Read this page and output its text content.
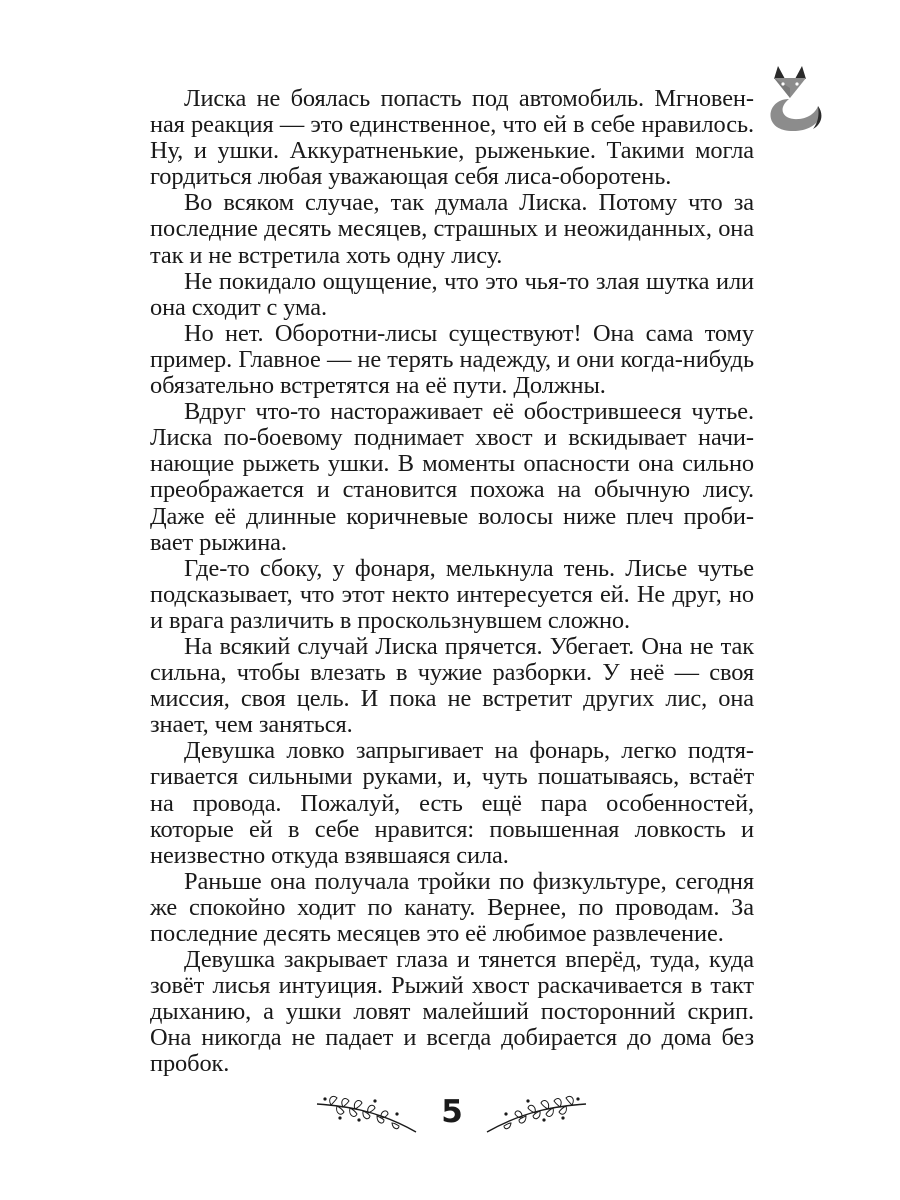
Лиска не боялась попасть под автомобиль. Мгновенная реакция — это единственное, что ей в себе нравилось. Ну, и ушки. Аккуратненькие, рыженькие. Такими могла гордиться любая уважающая себя лиса-оборотень.

Во всяком случае, так думала Лиска. Потому что за последние десять месяцев, страшных и неожиданных, она так и не встретила хоть одну лису.

Не покидало ощущение, что это чья-то злая шутка или она сходит с ума.

Но нет. Оборотни-лисы существуют! Она сама тому пример. Главное — не терять надежду, и они когда-нибудь обязательно встретятся на её пути. Должны.

Вдруг что-то настораживает её обострившееся чутье. Лиска по-боевому поднимает хвост и вскидывает начинающие рыжеть ушки. В моменты опасности она сильно преображается и становится похожа на обычную лису. Даже её длинные коричневые волосы ниже плеч пробивает рыжина.

Где-то сбоку, у фонаря, мелькнула тень. Лисье чутье подсказывает, что этот некто интересуется ей. Не друг, но и врага различить в проскользнувшем сложно.

На всякий случай Лиска прячется. Убегает. Она не так сильна, чтобы влезать в чужие разборки. У неё — своя миссия, своя цель. И пока не встретит других лис, она знает, чем заняться.

Девушка ловко запрыгивает на фонарь, легко подтягивается сильными руками, и, чуть пошатываясь, встаёт на провода. Пожалуй, есть ещё пара особенностей, которые ей в себе нравится: повышенная ловкость и неизвестно откуда взявшаяся сила.

Раньше она получала тройки по физкультуре, сегодня же спокойно ходит по канату. Вернее, по проводам. За последние десять месяцев это её любимое развлечение.

Девушка закрывает глаза и тянется вперёд, туда, куда зовёт лисья интуиция. Рыжий хвост раскачивается в такт дыханию, а ушки ловят малейший посторонний скрип. Она никогда не падает и всегда добирается до дома без пробок.

5
